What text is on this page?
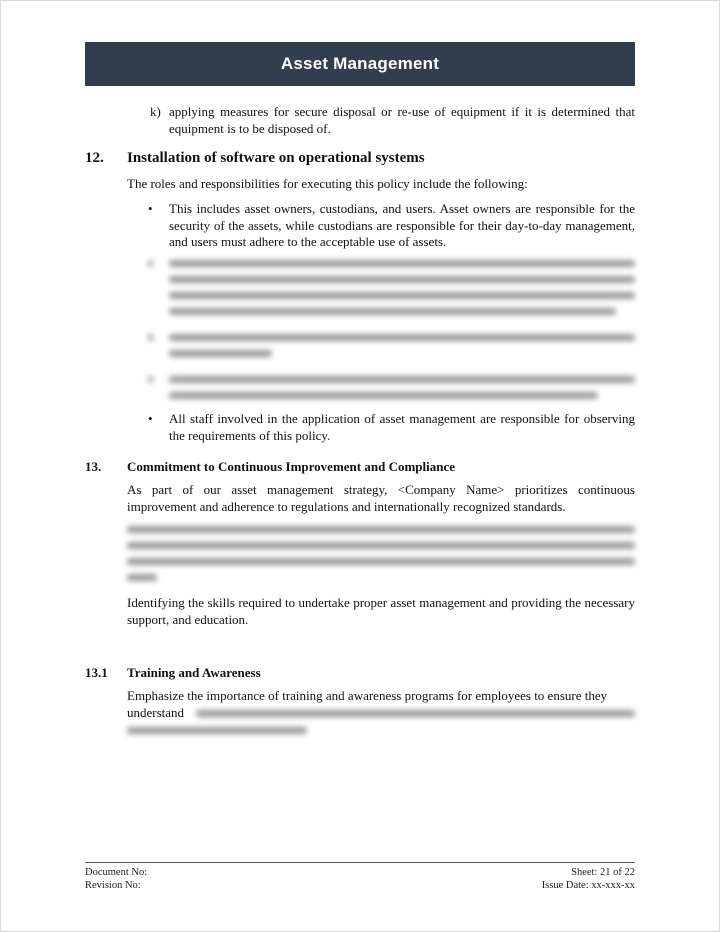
Asset Management
k) applying measures for secure disposal or re-use of equipment if it is determined that equipment is to be disposed of.
12. Installation of software on operational systems
The roles and responsibilities for executing this policy include the following:
• This includes asset owners, custodians, and users. Asset owners are responsible for the security of the assets, while custodians are responsible for their day-to-day management, and users must adhere to the acceptable use of assets.
• All staff involved in the application of asset management are responsible for observing the requirements of this policy.
13. Commitment to Continuous Improvement and Compliance
As part of our asset management strategy, <Company Name> prioritizes continuous improvement and adherence to regulations and internationally recognized standards.
Identifying the skills required to undertake proper asset management and providing the necessary support, and education.
13.1 Training and Awareness
Emphasize the importance of training and awareness programs for employees to ensure they
understand
Document No:
Revision No:
Sheet: 21 of 22
Issue Date: xx-xxx-xx
